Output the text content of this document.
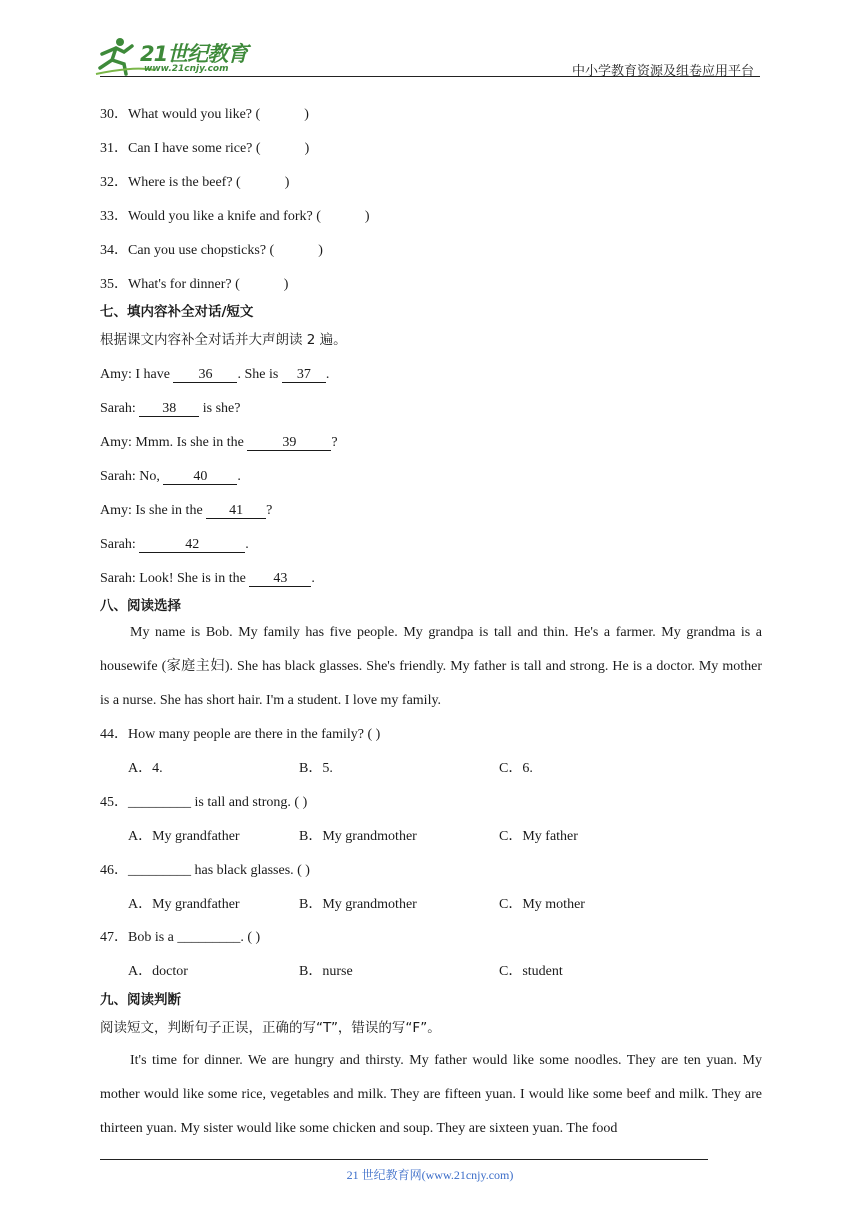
21世纪教育
www.21cnjy.com	中小学教育资源及组卷应用平台
30．What would you like? (	)
31．Can I have some rice? (	)
32．Where is the beef? (	)
33．Would you like a knife and fork? (	)
34．Can you use chopsticks? (	)
35．What's for dinner? (	)
七、填内容补全对话/短文
根据课文内容补全对话并大声朗读 2 遍。
Amy: I have 36 . She is 37 .
Sarah: 38 is she?
Amy: Mmm. Is she in the	39	?
Sarah: No, 40 .
Amy: Is she in the 41 ?
Sarah:	42	.
Sarah: Look! She is in the 43 .
八、阅读选择

My name is Bob. My family has five people. My grandpa is tall and thin. He's a farmer. My grandma is a housewife (家庭主妇). She has black glasses. She's friendly. My father is tall and strong. He is a doctor. My mother is a nurse. She has short hair. I'm a student. I love my family.

44．How many people are there in the family? ( )
A．4.	B．5.	C．6.
45．_________ is tall and strong. ( )
A．My grandfather	B．My grandmother	C．My father
46．_________ has black glasses. ( )
A．My grandfather	B．My grandmother	C．My mother
47．Bob is a _________. ( )
A．doctor	B．nurse	C．student
九、阅读判断
阅读短文，判断句子正误，正确的写“T”，错误的写“F”。

It's time for dinner. We are hungry and thirsty. My father would like some noodles. They are ten yuan. My mother would like some rice, vegetables and milk. They are fifteen yuan. I would like some beef and milk. They are thirteen yuan. My sister would like some chicken and soup. They are sixteen yuan. The food

21 世纪教育网(www.21cnjy.com)
